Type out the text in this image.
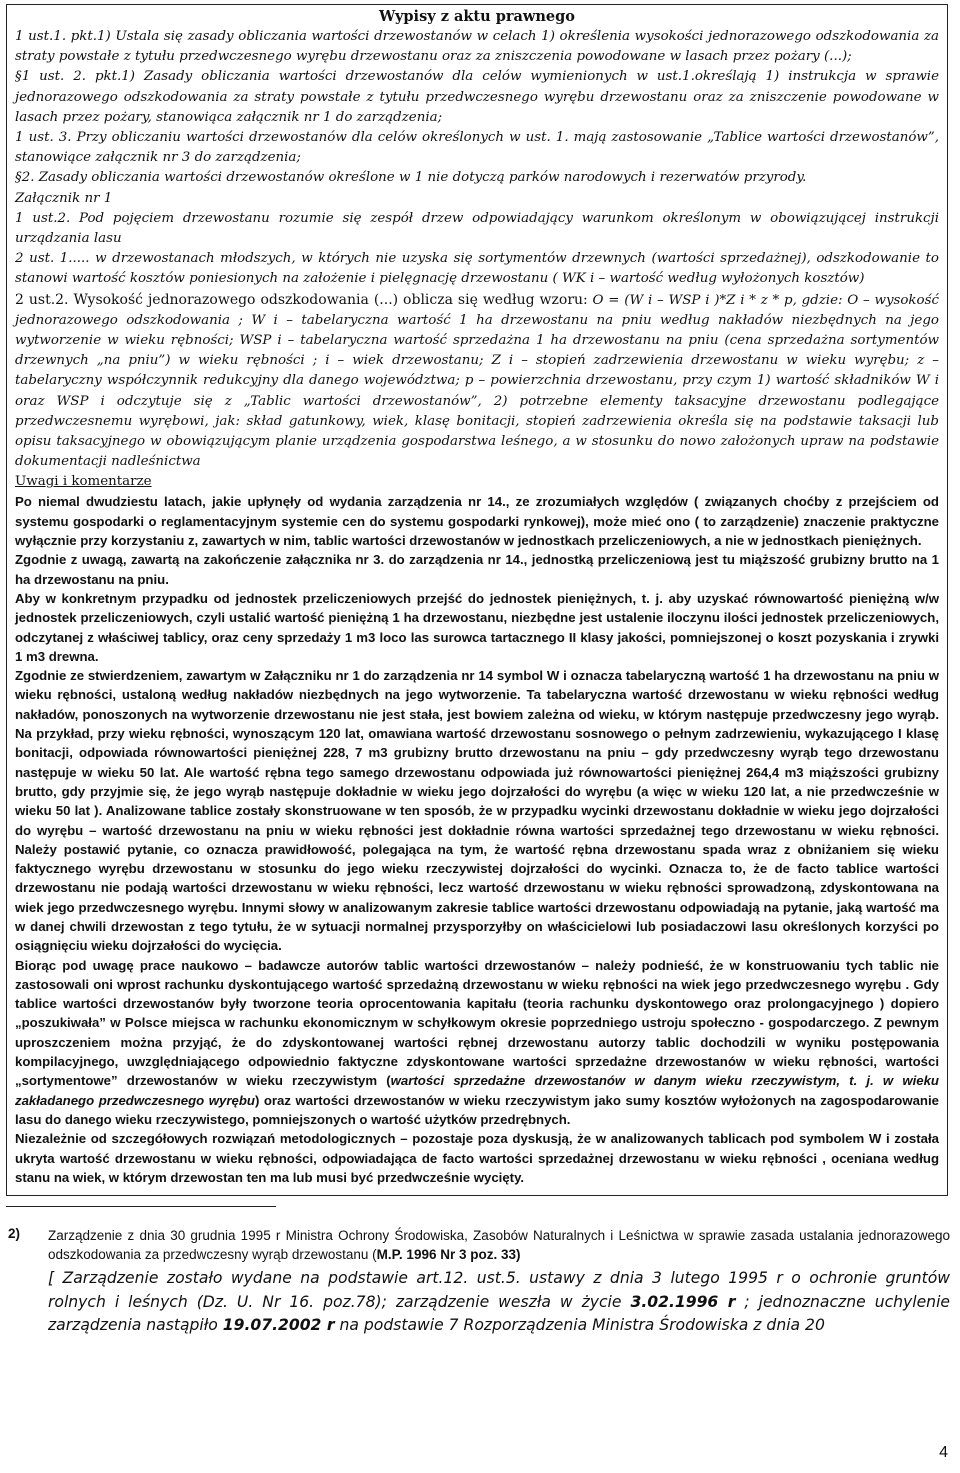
Wypisy z aktu prawnego

1 ust.1. pkt.1) Ustala się zasady obliczania wartości drzewostanów w celach 1) określenia wysokości jednorazowego odszkodowania za straty powstałe z tytułu przedwczesnego wyrębu drzewostanu oraz za zniszczenia powodowane w lasach przez pożary (...);

§1 ust. 2. pkt.1) Zasady obliczania wartości drzewostanów dla celów wymienionych w ust.1.określają 1) instrukcja w sprawie jednorazowego odszkodowania za straty powstałe z tytułu przedwczesnego wyrębu drzewostanu oraz za zniszczenie powodowane w lasach przez pożary, stanowiąca załącznik nr 1 do zarządzenia;

1 ust. 3. Przy obliczaniu wartości drzewostanów dla celów określonych w ust. 1. mają zastosowanie „Tablice wartości drzewostanów”, stanowiące załącznik nr 3 do zarządzenia;

§2. Zasady obliczania wartości drzewostanów określone w 1 nie dotyczą parków narodowych i rezerwatów przyrody.

Załącznik nr 1

1 ust.2. Pod pojęciem drzewostanu rozumie się zespół drzew odpowiadający warunkom określonym w obowiązującej instrukcji urządzania lasu

2 ust. 1..... w drzewostanach młodszych, w których nie uzyska się sortymentów drzewnych (wartości sprzedażnej), odszkodowanie to stanowi wartość kosztów poniesionych na założenie i pielęgnację drzewostanu ( WK i – wartość według wyłożonych kosztów)

2 ust.2. Wysokość jednorazowego odszkodowania (...) oblicza się według wzoru: O = (W i – WSP i )*Z i * z * p, gdzie: O – wysokość jednorazowego odszkodowania ; W i – tabelaryczna wartość 1 ha drzewostanu na pniu według nakładów niezbędnych na jego wytworzenie w wieku rębności; WSP i – tabelaryczna wartość sprzedażna 1 ha drzewostanu na pniu (cena sprzedażna sortymentów drzewnych „na pniu”) w wieku rębności ; i – wiek drzewostanu; Z i – stopień zadrzewienia drzewostanu w wieku wyrębu; z – tabelaryczny współczynnik redukcyjny dla danego województwa; p – powierzchnia drzewostanu, przy czym 1) wartość składników W i oraz WSP i odczytuje się z „Tablic wartości drzewostanów”, 2) potrzebne elementy taksacyjne drzewostanu podlegające przedwczesnemu wyrębowi, jak: skład gatunkowy, wiek, klasę bonitacji, stopień zadrzewienia określa się na podstawie taksacji lub opisu taksacyjnego w obowiązującym planie urządzenia gospodarstwa leśnego, a w stosunku do nowo założonych upraw na podstawie dokumentacji nadleśnictwa

Uwagi i komentarze

Po niemal dwudziestu latach, jakie upłynęły od wydania zarządzenia nr 14., ze zrozumiałych względów ( związanych choćby z przejściem od systemu gospodarki o reglamentacyjnym systemie cen do systemu gospodarki rynkowej), może mieć ono ( to zarządzenie) znaczenie praktyczne wyłącznie przy korzystaniu z, zawartych w nim, tablic wartości drzewostanów w jednostkach przeliczeniowych, a nie w jednostkach pieniężnych.

Zgodnie z uwagą, zawartą na zakończenie załącznika nr 3. do zarządzenia nr 14., jednostką przeliczeniową jest tu miąższość grubizny brutto na 1 ha drzewostanu na pniu.

Aby w konkretnym przypadku od jednostek przeliczeniowych przejść do jednostek pieniężnych, t. j. aby uzyskać równowartość pieniężną w/w jednostek przeliczeniowych, czyli ustalić wartość pieniężną 1 ha drzewostanu, niezbędne jest ustalenie iloczynu ilości jednostek przeliczeniowych, odczytanej z właściwej tablicy, oraz ceny sprzedaży 1 m3 loco las surowca tartacznego II klasy jakości, pomniejszonej o koszt pozyskania i zrywki 1 m3 drewna.

Zgodnie ze stwierdzeniem, zawartym w Załączniku nr 1 do zarządzenia nr 14 symbol W i oznacza tabelaryczną wartość 1 ha drzewostanu na pniu w wieku rębności, ustaloną według nakładów niezbędnych na jego wytworzenie. Ta tabelaryczna wartość drzewostanu w wieku rębności według nakładów, ponoszonych na wytworzenie drzewostanu nie jest stała, jest bowiem zależna od wieku, w którym następuje przedwczesny jego wyrąb. Na przykład, przy wieku rębności, wynoszącym 120 lat, omawiana wartość drzewostanu sosnowego o pełnym zadrzewieniu, wykazującego I klasę bonitacji, odpowiada równowartości pieniężnej 228, 7 m3 grubizny brutto drzewostanu na pniu – gdy przedwczesny wyrąb tego drzewostanu następuje w wieku 50 lat. Ale wartość rębna tego samego drzewostanu odpowiada już równowartości pieniężnej 264,4 m3 miąższości grubizny brutto, gdy przyjmie się, że jego wyrąb następuje dokładnie w wieku jego dojrzałości do wyrębu (a więc w wieku 120 lat, a nie przedwcześnie w wieku 50 lat ). Analizowane tablice zostały skonstruowane w ten sposób, że w przypadku wycinki drzewostanu dokładnie w wieku jego dojrzałości do wyrębu – wartość drzewostanu na pniu w wieku rębności jest dokładnie równa wartości sprzedażnej tego drzewostanu w wieku rębności. Należy postawić pytanie, co oznacza prawidłowość, polegająca na tym, że wartość rębna drzewostanu spada wraz z obniżaniem się wieku faktycznego wyrębu drzewostanu w stosunku do jego wieku rzeczywistej dojrzałości do wycinki. Oznacza to, że de facto tablice wartości drzewostanu nie podają wartości drzewostanu w wieku rębności, lecz wartość drzewostanu w wieku rębności sprowadzoną, zdyskontowana na wiek jego przedwczesnego wyrębu. Innymi słowy w analizowanym zakresie tablice wartości drzewostanu odpowiadają na pytanie, jaką wartość ma w danej chwili drzewostan z tego tytułu, że w sytuacji normalnej przysporzyłby on właścicielowi lub posiadaczowi lasu określonych korzyści po osiągnięciu wieku dojrzałości do wycięcia.

Biorąc pod uwagę prace naukowo – badawcze autorów tablic wartości drzewostanów – należy podnieść, że w konstruowaniu tych tablic nie zastosowali oni wprost rachunku dyskontującego wartość sprzedażną drzewostanu w wieku rębności na wiek jego przedwczesnego wyrębu . Gdy tablice wartości drzewostanów były tworzone teoria oprocentowania kapitału (teoria rachunku dyskontowego oraz prolongacyjnego ) dopiero „poszukiwała” w Polsce miejsca w rachunku ekonomicznym w schyłkowym okresie poprzedniego ustroju społeczno - gospodarczego. Z pewnym uproszczeniem można przyjąć, że do zdyskontowanej wartości rębnej drzewostanu autorzy tablic dochodzili w wyniku postępowania kompilacyjnego, uwzględniającego odpowiednio faktyczne zdyskontowane wartości sprzedażne drzewostanów w wieku rębności, wartości „sortymentowe” drzewostanów w wieku rzeczywistym (wartości sprzedażne drzewostanów w danym wieku rzeczywistym, t. j. w wieku zakładanego przedwczesnego wyrębu) oraz wartości drzewostanów w wieku rzeczywistym jako sumy kosztów wyłożonych na zagospodarowanie lasu do danego wieku rzeczywistego, pomniejszonych o wartość użytków przedrębnych.

Niezależnie od szczegółowych rozwiązań metodologicznych – pozostaje poza dyskusją, że w analizowanych tablicach pod symbolem W i została ukryta wartość drzewostanu w wieku rębności, odpowiadająca de facto wartości sprzedażnej drzewostanu w wieku rębności , oceniana według stanu na wiek, w którym drzewostan ten ma lub musi być przedwcześnie wycięty.

2) Zarządzenie z dnia 30 grudnia 1995 r Ministra Ochrony Środowiska, Zasobów Naturalnych i Leśnictwa w sprawie zasada ustalania jednorazowego odszkodowania za przedwczesny wyrąb drzewostanu (M.P. 1996 Nr 3 poz. 33)
[ Zarządzenie zostało wydane na podstawie art.12. ust.5. ustawy z dnia 3 lutego 1995 r o ochronie gruntów rolnych i leśnych (Dz. U. Nr 16. poz.78); zarządzenie weszła w życie 3.02.1996 r ; jednoznaczne uchylenie zarządzenia nastąpiło 19.07.2002 r na podstawie 7 Rozporządzenia Ministra Środowiska z dnia 20
4
